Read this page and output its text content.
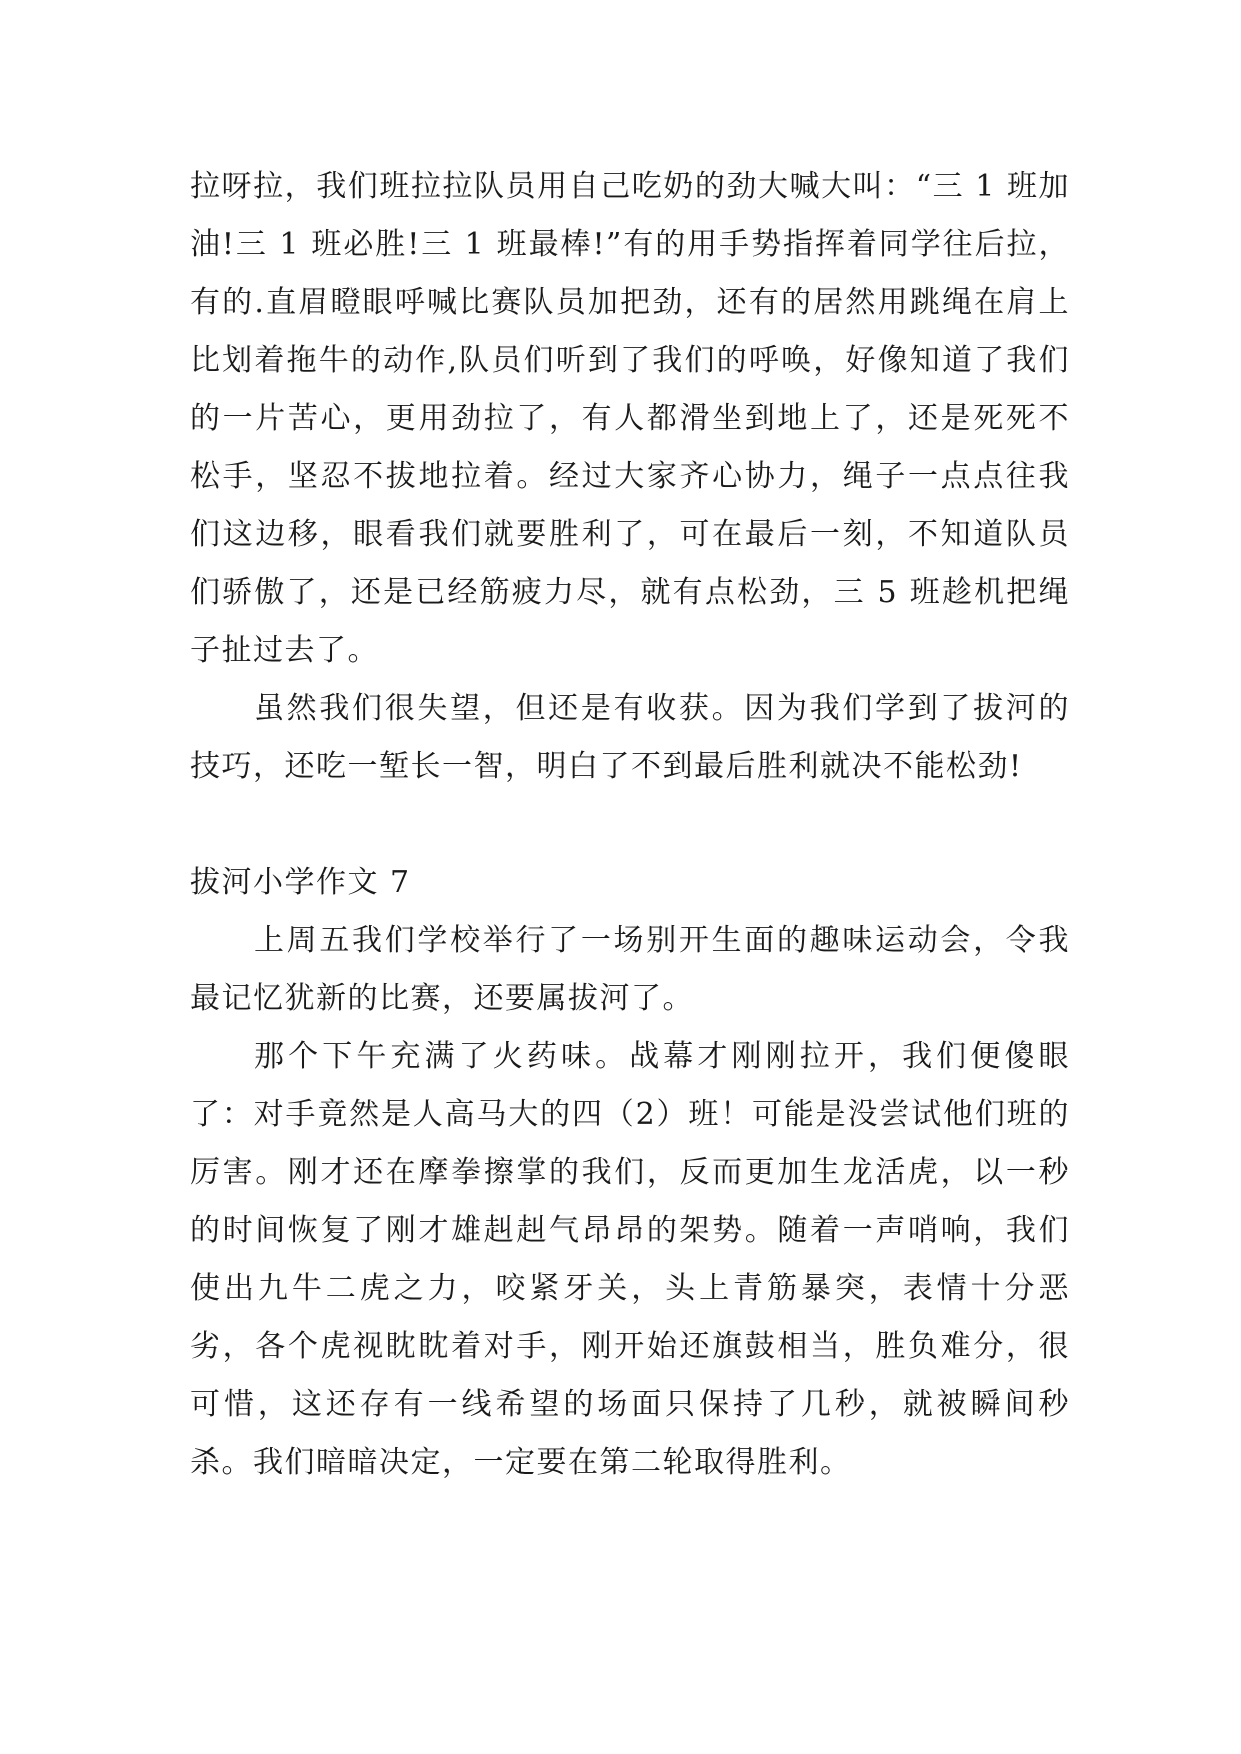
拉呀拉，我们班拉拉队员用自己吃奶的劲大喊大叫：“三 1 班加油!三 1 班必胜!三 1 班最棒!”有的用手势指挥着同学往后拉，有的.直眉瞪眼呼喊比赛队员加把劲，还有的居然用跳绳在肩上比划着拖牛的动作,队员们听到了我们的呼唤，好像知道了我们的一片苦心，更用劲拉了，有人都滑坐到地上了，还是死死不松手，坚忍不拔地拉着。经过大家齐心协力，绳子一点点往我们这边移，眼看我们就要胜利了，可在最后一刻，不知道队员们骄傲了，还是已经筋疲力尽，就有点松劲，三 5 班趁机把绳子扯过去了。

虽然我们很失望，但还是有收获。因为我们学到了拔河的技巧，还吃一堑长一智，明白了不到最后胜利就决不能松劲!

拔河小学作文 7

上周五我们学校举行了一场别开生面的趣味运动会，令我最记忆犹新的比赛，还要属拔河了。

那个下午充满了火药味。战幕才刚刚拉开，我们便傻眼了：对手竟然是人高马大的四（2）班！可能是没尝试他们班的厉害。刚才还在摩拳擦掌的我们，反而更加生龙活虎，以一秒的时间恢复了刚才雄赳赳气昂昂的架势。随着一声哨响，我们使出九牛二虎之力，咬紧牙关，头上青筋暴突，表情十分恶劣，各个虎视眈眈着对手，刚开始还旗鼓相当，胜负难分，很可惜，这还存有一线希望的场面只保持了几秒，就被瞬间秒杀。我们暗暗决定，一定要在第二轮取得胜利。
